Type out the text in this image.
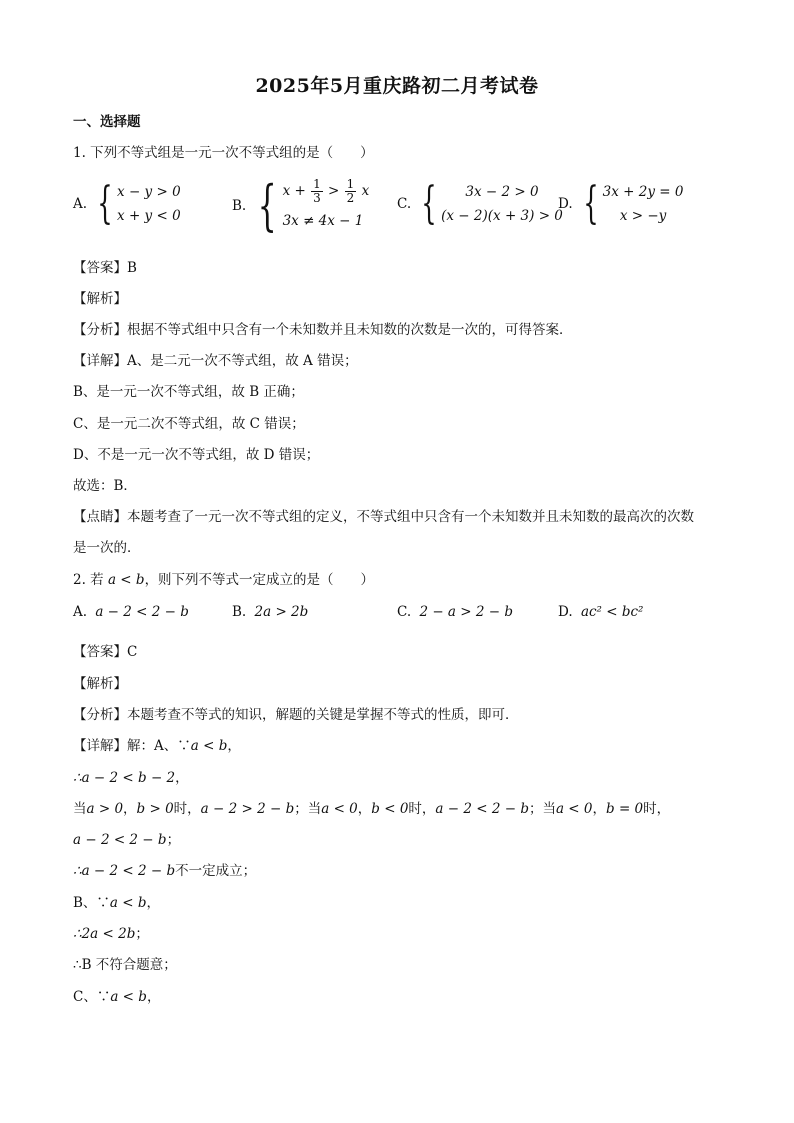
2025年5月重庆路初二月考试卷
一、选择题
1. 下列不等式组是一元一次不等式组的是（　　）
A. { x − y > 0
x + y < 0
B. { $x + \frac{1}{3} > \frac{1}{2}$ x
3x ≠ 4x − 1
C. { 3x − 2 > 0
(x − 2)(x + 3) > 0
D. { 3x + 2y = 0
x > −y
【答案】B
【解析】
【分析】根据不等式组中只含有一个未知数并且未知数的次数是一次的，可得答案．
【详解】A、是二元一次不等式组，故 A 错误；
B、是一元一次不等式组，故 B 正确；
C、是一元二次不等式组，故 C 错误；
D、不是一元一次不等式组，故 D 错误；
故选：B．
【点睛】本题考查了一元一次不等式组的定义，不等式组中只含有一个未知数并且未知数的最高次的次数
是一次的．
2. 若 a < b，则下列不等式一定成立的是（　　）
A. a − 2 < 2 − b	B. 2a > 2b	C. 2 − a > 2 − b	D. ac² < bc²
【答案】C
【解析】
【分析】本题考查不等式的知识，解题的关键是掌握不等式的性质，即可．
【详解】解：A、∵a < b，
∴a − 2 < b − 2，
当a > 0，b > 0时，a − 2 > 2 − b；当a < 0，b < 0时，a − 2 < 2 − b；当a < 0，b = 0时，
a − 2 < 2 − b；
∴a − 2 < 2 − b不一定成立；
B、∵a < b，
∴2a < 2b；
∴B 不符合题意；
C、∵a < b，
